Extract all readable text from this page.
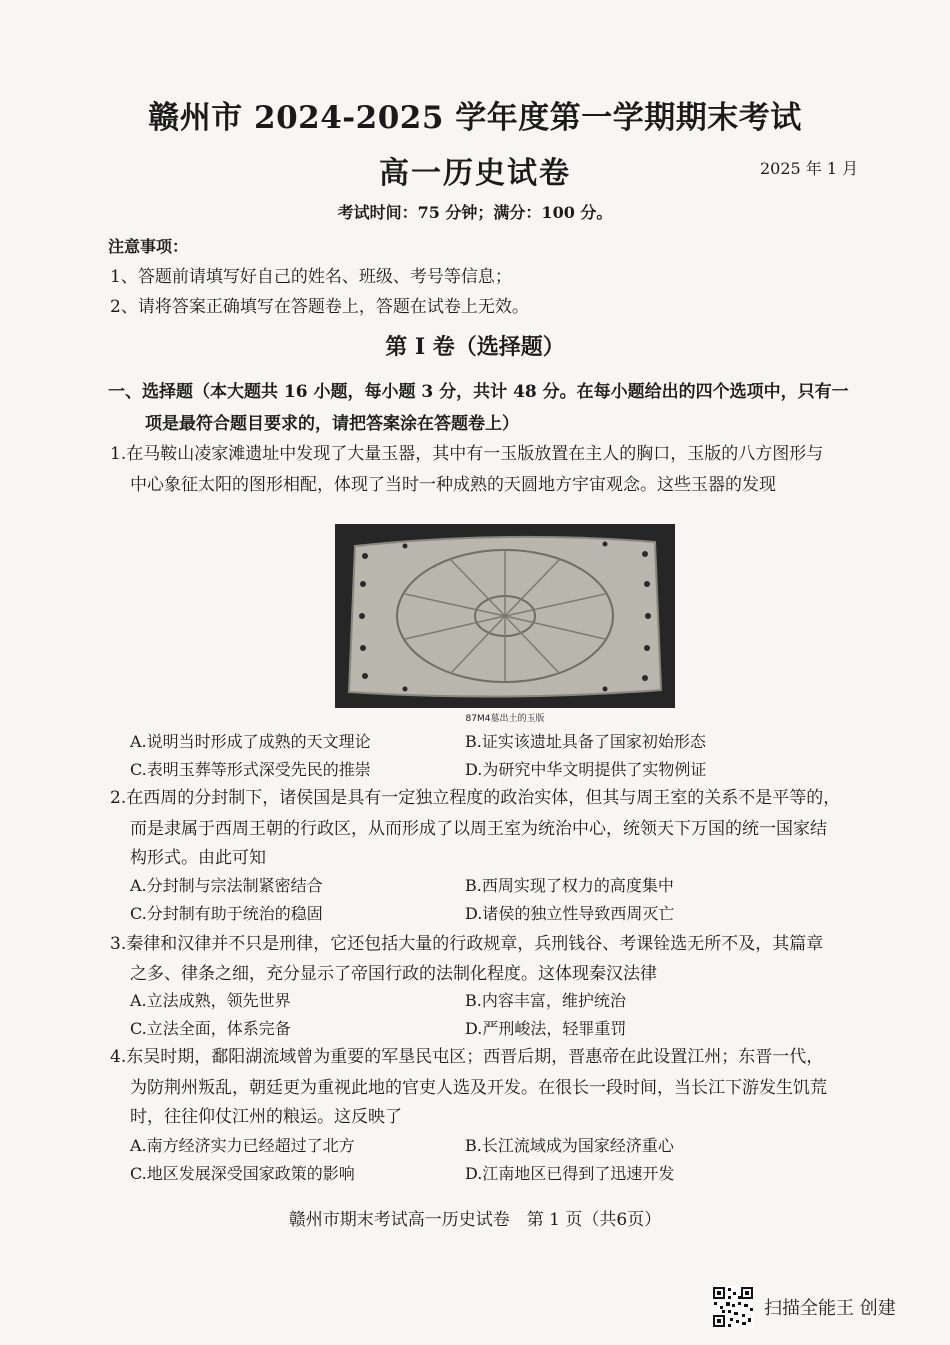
赣州市 2024-2025 学年度第一学期期末考试
高一历史试卷	2025 年 1 月
考试时间：75 分钟；满分：100 分。
注意事项：
1、答题前请填写好自己的姓名、班级、考号等信息；
2、请将答案正确填写在答题卷上，答题在试卷上无效。
第 I 卷（选择题）
一、选择题（本大题共 16 小题，每小题 3 分，共计 48 分。在每小题给出的四个选项中，只有一
项是最符合题目要求的，请把答案涂在答题卷上）
1.在马鞍山凌家滩遗址中发现了大量玉器，其中有一玉版放置在主人的胸口，玉版的八方图形与
中心象征太阳的图形相配，体现了当时一种成熟的天圆地方宇宙观念。这些玉器的发现
87M4墓出土的玉版
A.说明当时形成了成熟的天文理论	B.证实该遗址具备了国家初始形态
C.表明玉葬等形式深受先民的推崇	D.为研究中华文明提供了实物例证
2.在西周的分封制下，诸侯国是具有一定独立程度的政治实体，但其与周王室的关系不是平等的，
而是隶属于西周王朝的行政区，从而形成了以周王室为统治中心，统领天下万国的统一国家结
构形式。由此可知
A.分封制与宗法制紧密结合	B.西周实现了权力的高度集中
C.分封制有助于统治的稳固	D.诸侯的独立性导致西周灭亡
3.秦律和汉律并不只是刑律，它还包括大量的行政规章，兵刑钱谷、考课铨选无所不及，其篇章
之多、律条之细，充分显示了帝国行政的法制化程度。这体现秦汉法律
A.立法成熟，领先世界	B.内容丰富，维护统治
C.立法全面，体系完备	D.严刑峻法，轻罪重罚
4.东吴时期，鄱阳湖流域曾为重要的军垦民屯区；西晋后期，晋惠帝在此设置江州；东晋一代，
为防荆州叛乱，朝廷更为重视此地的官吏人选及开发。在很长一段时间，当长江下游发生饥荒
时，往往仰仗江州的粮运。这反映了
A.南方经济实力已经超过了北方	B.长江流域成为国家经济重心
C.地区发展深受国家政策的影响	D.江南地区已得到了迅速开发
赣州市期末考试高一历史试卷　第 1 页（共6页）
扫描全能王 创建
